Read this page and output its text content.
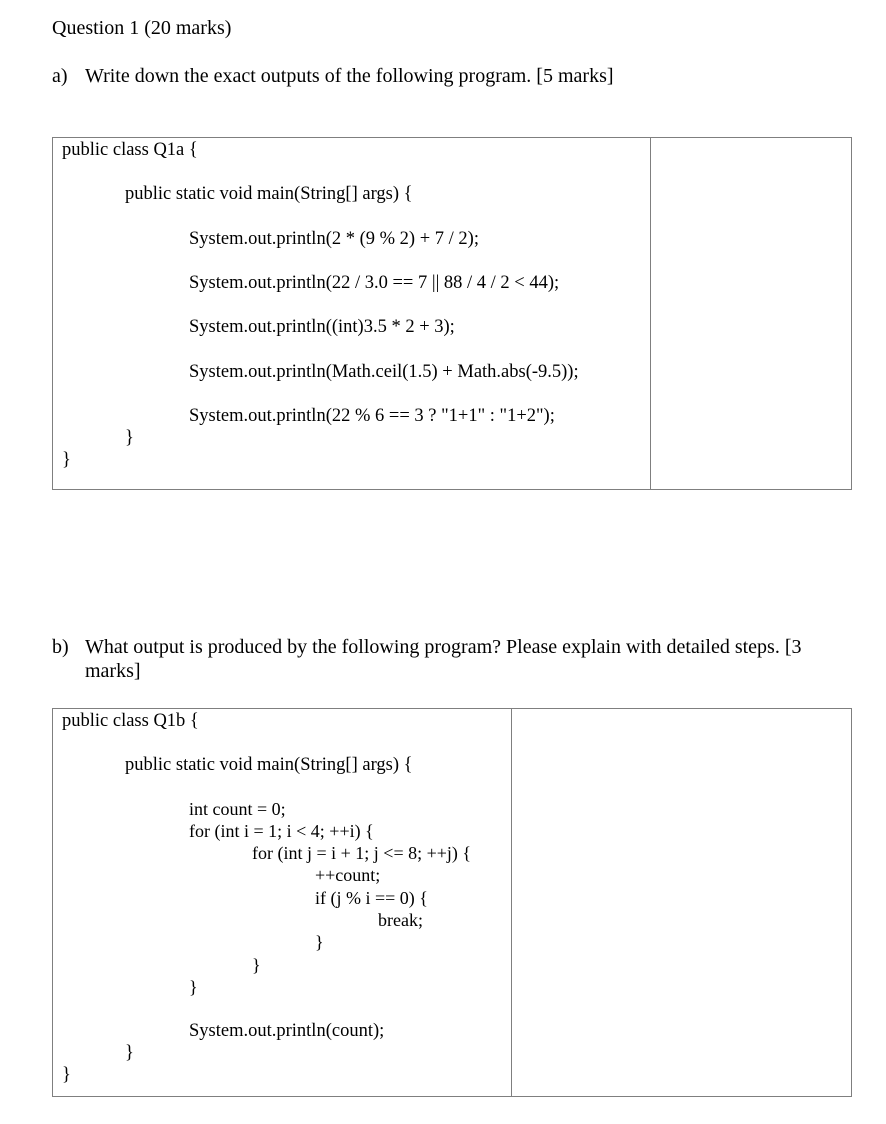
Question 1 (20 marks)
a) Write down the exact outputs of the following program. [5 marks]
public class Q1a {
public static void main(String[] args) {
System.out.println(2 * (9 % 2) + 7 / 2);
System.out.println(22 / 3.0 == 7 || 88 / 4 / 2 < 44);
System.out.println((int)3.5 * 2 + 3);
System.out.println(Math.ceil(1.5) + Math.abs(-9.5));
System.out.println(22 % 6 == 3 ? "1+1" : "1+2");
}
}
b) What output is produced by the following program? Please explain with detailed steps. [3
marks]
public class Q1b {
public static void main(String[] args) {
int count = 0;
for (int i = 1; i < 4; ++i) {
for (int j = i + 1; j <= 8; ++j) {
++count;
if (j % i == 0) {
break;
}
}
}
System.out.println(count);
}
}
